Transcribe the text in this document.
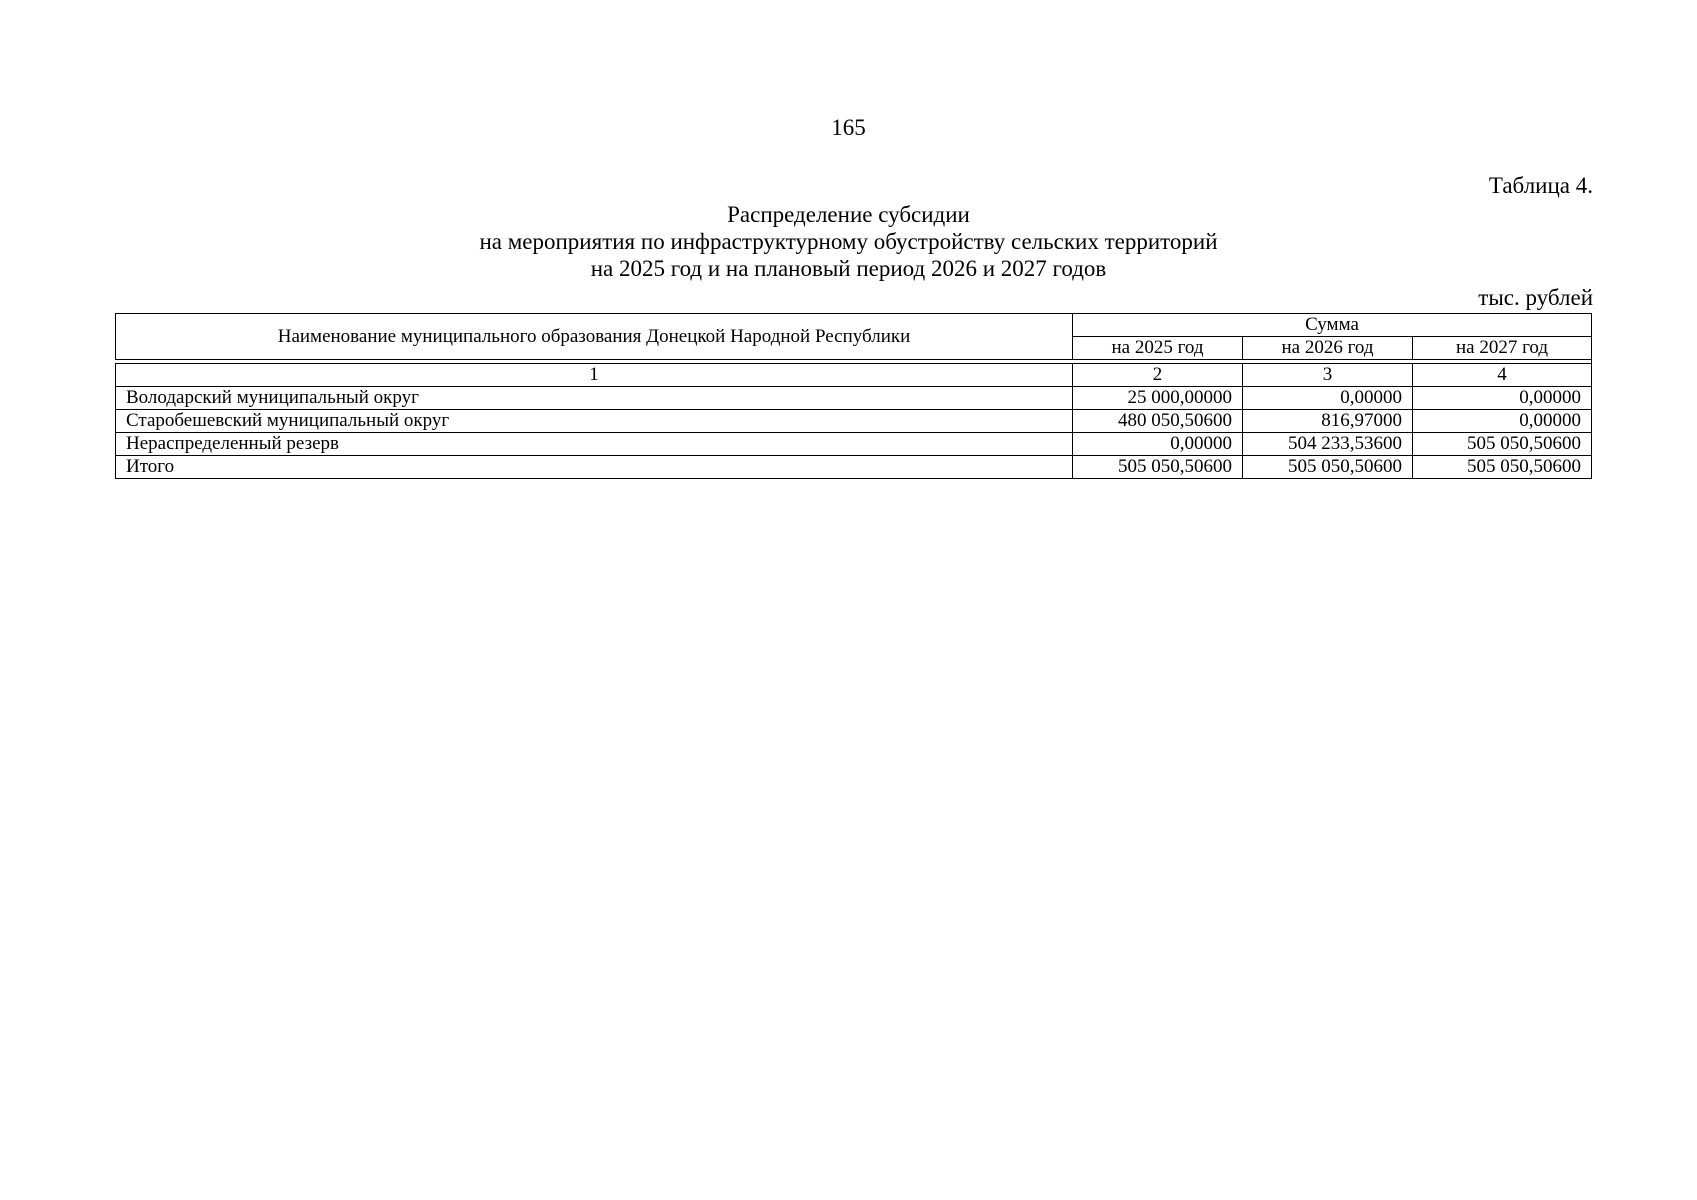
165
Таблица 4.
Распределение субсидии
на мероприятия по инфраструктурному обустройству сельских территорий
на 2025 год и на плановый период 2026 и 2027 годов
тыс. рублей
Наименование муниципального образования Донецкой Народной Республики	Сумма		
	на 2025 год	на 2026 год	на 2027 год

1	2	3	4
Володарский муниципальный округ	25 000,00000	0,00000	0,00000
Старобешевский муниципальный округ	480 050,50600	816,97000	0,00000
Нераспределенный резерв	0,00000	504 233,53600	505 050,50600
Итого	505 050,50600	505 050,50600	505 050,50600
